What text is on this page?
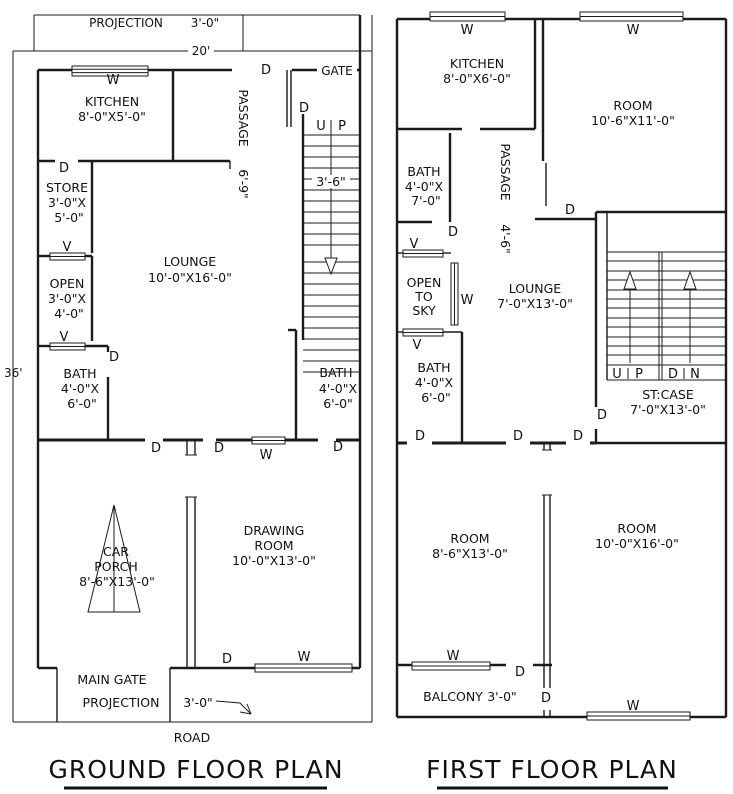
PROJECTION 3'-0"
20'
36'
GATE
D
D
W
KITCHEN
8'-0"X5'-0"	PASSAGE
6'-9"
U P
3'-6"
D
STORE
3'-0"X
5'-0"
V
OPEN
3'-0"X
4'-0"
V
LOUNGE
10'-0"X16'-0"
BATH
4'-0"X
6'-0"
D
BATH
4'-0"X
6'-0"
D
D	D	W
CAR
PORCH
8'-6"X13'-0"
DRAWING
ROOM
10'-0"X13'-0"
D	W
MAIN GATE
PROJECTION 3'-0"
ROAD
GROUND FLOOR PLAN
W	W
KITCHEN
8'-0"X6'-0"
ROOM
10'-6"X11'-0"
BATH
4'-0"X
7'-0"	PASSAGE
4'-6"
D
D
V
OPEN
TO
SKY
W
V
LOUNGE
7'-0"X13'-0"
BATH
4'-0"X
6'-0"
U P D N
ST:CASE
7'-0"X13'-0"
D
D	D	D
ROOM
8'-6"X13'-0"
ROOM
10'-0"X16'-0"
W
D
BALCONY 3'-0" D
W
FIRST FLOOR PLAN
